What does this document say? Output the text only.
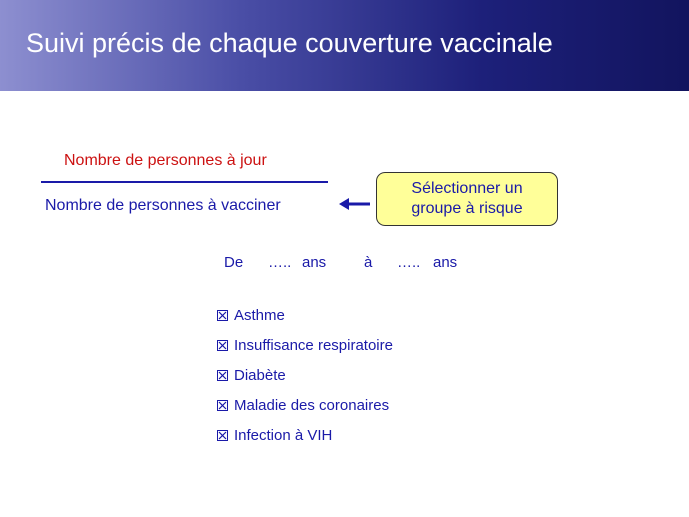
Suivi précis de chaque couverture vaccinale
Nombre de personnes à jour
Nombre de personnes à vacciner
Sélectionner un
groupe à risque
De ….. ans	à ….. ans
Asthme
Insuffisance respiratoire
Diabète
Maladie des coronaires
Infection à VIH
